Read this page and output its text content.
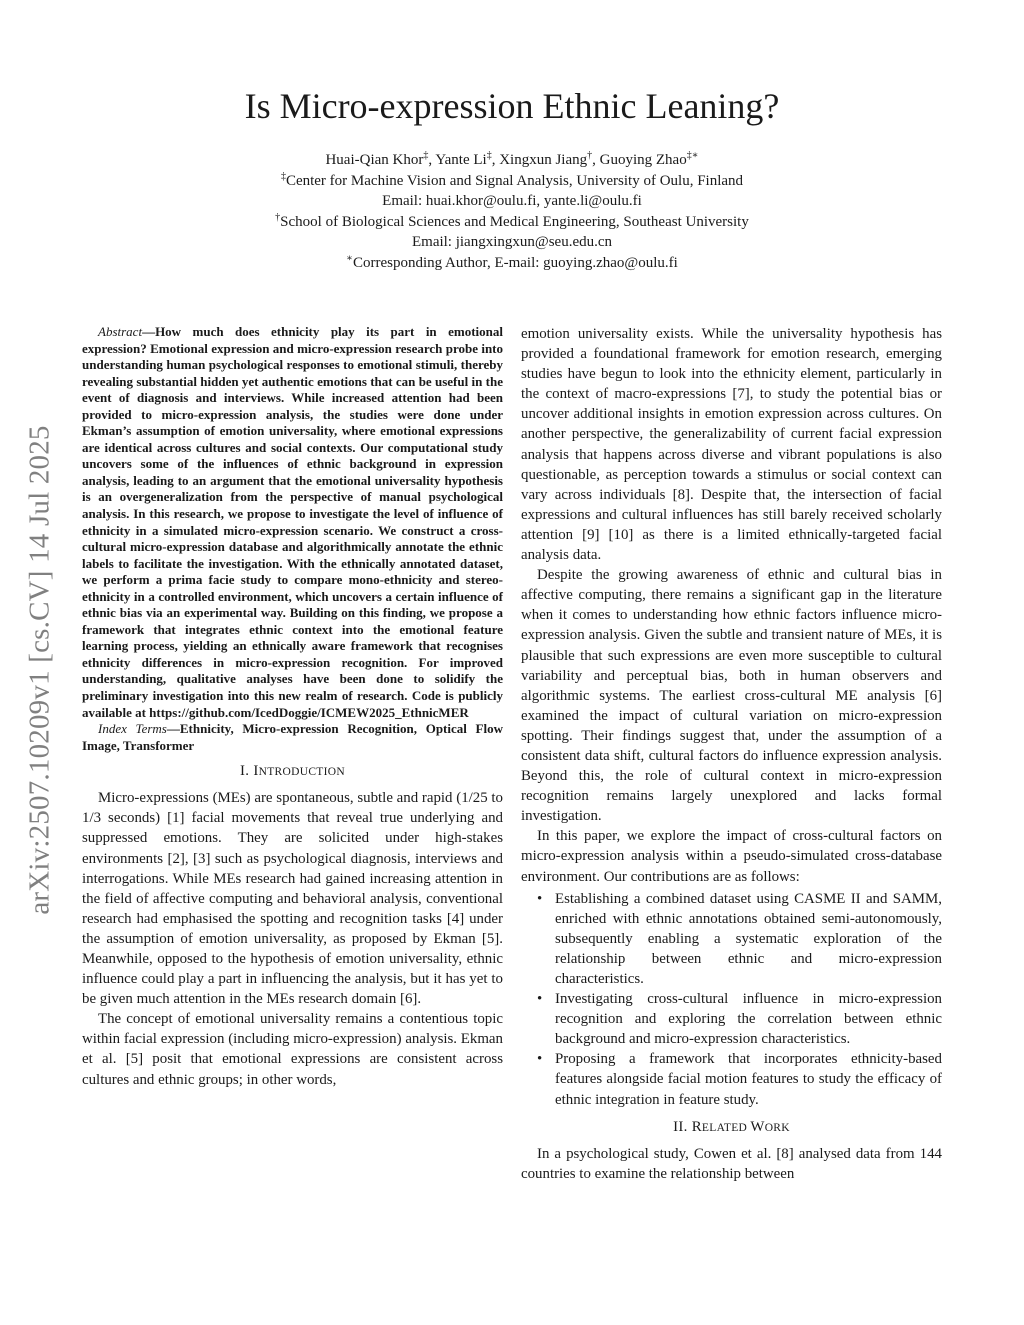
arXiv:2507.10209v1 [cs.CV] 14 Jul 2025
Is Micro-expression Ethnic Leaning?
Huai-Qian Khor‡, Yante Li‡, Xingxun Jiang†, Guoying Zhao‡∗
‡Center for Machine Vision and Signal Analysis, University of Oulu, Finland
Email: huai.khor@oulu.fi, yante.li@oulu.fi
†School of Biological Sciences and Medical Engineering, Southeast University
Email: jiangxingxun@seu.edu.cn
∗Corresponding Author, E-mail: guoying.zhao@oulu.fi

Abstract—How much does ethnicity play its part in emotional expression? Emotional expression and micro-expression research probe into understanding human psychological responses to emotional stimuli, thereby revealing substantial hidden yet authentic emotions that can be useful in the event of diagnosis and interviews. While increased attention had been provided to micro-expression analysis, the studies were done under Ekman’s assumption of emotion universality, where emotional expressions are identical across cultures and social contexts. Our computational study uncovers some of the influences of ethnic background in expression analysis, leading to an argument that the emotional universality hypothesis is an overgeneralization from the perspective of manual psychological analysis. In this research, we propose to investigate the level of influence of ethnicity in a simulated micro-expression scenario. We construct a cross-cultural micro-expression database and algorithmically annotate the ethnic labels to facilitate the investigation. With the ethnically annotated dataset, we perform a prima facie study to compare mono-ethnicity and stereo-ethnicity in a controlled environment, which uncovers a certain influence of ethnic bias via an experimental way. Building on this finding, we propose a framework that integrates ethnic context into the emotional feature learning process, yielding an ethnically aware framework that recognises ethnicity differences in micro-expression recognition. For improved understanding, qualitative analyses have been done to solidify the preliminary investigation into this new realm of research. Code is publicly available at https://github.com/IcedDoggie/ICMEW2025_EthnicMER

Index Terms—Ethnicity, Micro-expression Recognition, Optical Flow Image, Transformer

I. INTRODUCTION

Micro-expressions (MEs) are spontaneous, subtle and rapid (1/25 to 1/3 seconds) [1] facial movements that reveal true underlying and suppressed emotions. They are solicited under high-stakes environments [2], [3] such as psychological diagnosis, interviews and interrogations. While MEs research had gained increasing attention in the field of affective computing and behavioral analysis, conventional research had emphasised the spotting and recognition tasks [4] under the assumption of emotion universality, as proposed by Ekman [5]. Meanwhile, opposed to the hypothesis of emotion universality, ethnic influence could play a part in influencing the analysis, but it has yet to be given much attention in the MEs research domain [6].

The concept of emotional universality remains a contentious topic within facial expression (including micro-expression) analysis. Ekman et al. [5] posit that emotional expressions are consistent across cultures and ethnic groups; in other words,

emotion universality exists. While the universality hypothesis has provided a foundational framework for emotion research, emerging studies have begun to look into the ethnicity element, particularly in the context of macro-expressions [7], to study the potential bias or uncover additional insights in emotion expression across cultures. On another perspective, the generalizability of current facial expression analysis that happens across diverse and vibrant populations is also questionable, as perception towards a stimulus or social context can vary across individuals [8]. Despite that, the intersection of facial expressions and cultural influences has still barely received scholarly attention [9] [10] as there is a limited ethnically-targeted facial analysis data.

Despite the growing awareness of ethnic and cultural bias in affective computing, there remains a significant gap in the literature when it comes to understanding how ethnic factors influence micro-expression analysis. Given the subtle and transient nature of MEs, it is plausible that such expressions are even more susceptible to cultural variability and perceptual bias, both in human observers and algorithmic systems. The earliest cross-cultural ME analysis [6] examined the impact of cultural variation on micro-expression spotting. Their findings suggest that, under the assumption of a consistent data shift, cultural factors do influence expression analysis. Beyond this, the role of cultural context in micro-expression recognition remains largely unexplored and lacks formal investigation.

In this paper, we explore the impact of cross-cultural factors on micro-expression analysis within a pseudo-simulated cross-database environment. Our contributions are as follows:

• Establishing a combined dataset using CASME II and SAMM, enriched with ethnic annotations obtained semi-autonomously, subsequently enabling a systematic exploration of the relationship between ethnic and micro-expression characteristics.
• Investigating cross-cultural influence in micro-expression recognition and exploring the correlation between ethnic background and micro-expression characteristics.
• Proposing a framework that incorporates ethnicity-based features alongside facial motion features to study the efficacy of ethnic integration in feature study.
II. RELATED WORK

In a psychological study, Cowen et al. [8] analysed data from 144 countries to examine the relationship between
